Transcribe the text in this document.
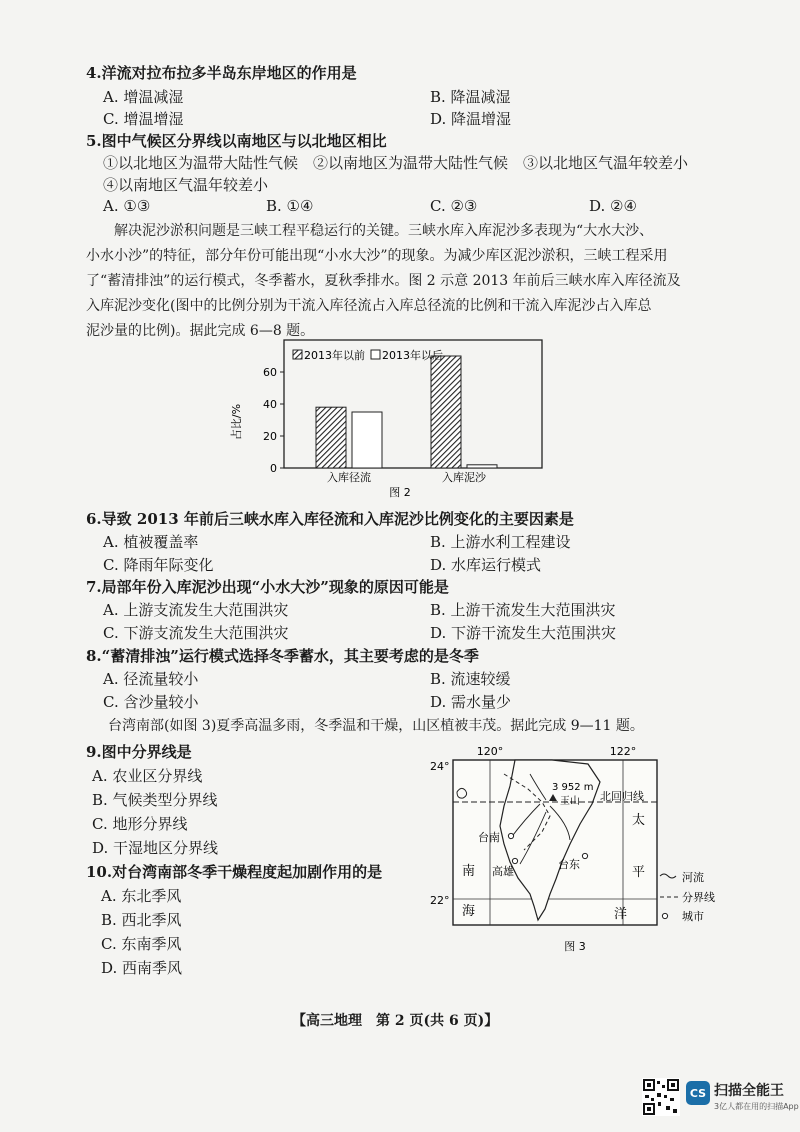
4.洋流对拉布拉多半岛东岸地区的作用是
A. 增温减湿	B. 降温减湿
C. 增温增湿	D. 降温增湿
5.图中气候区分界线以南地区与以北地区相比
①以北地区为温带大陆性气候　②以南地区为温带大陆性气候　③以北地区气温年较差小
④以南地区气温年较差小
A. ①③	B. ①④	C. ②③	D. ②④

　　解决泥沙淤积问题是三峡工程平稳运行的关键。三峡水库入库泥沙多表现为“大水大沙、

小水小沙”的特征，部分年份可能出现“小水大沙”的现象。为减少库区泥沙淤积，三峡工程采用

了“蓄清排浊”的运行模式，冬季蓄水，夏秋季排水。图 2 示意 2013 年前后三峡水库入库径流及

入库泥沙变化(图中的比例分别为干流入库径流占入库总径流的比例和干流入库泥沙占入库总

泥沙量的比例)。据此完成 6—8 题。

占比/%
0
20
40
60
入库径流	入库泥沙
2013年以前 2013年以后
图 2
6.导致 2013 年前后三峡水库入库径流和入库泥沙比例变化的主要因素是
A. 植被覆盖率	B. 上游水利工程建设
C. 降雨年际变化	D. 水库运行模式
7.局部年份入库泥沙出现“小水大沙”现象的原因可能是
A. 上游支流发生大范围洪灾	B. 上游干流发生大范围洪灾
C. 下游支流发生大范围洪灾	D. 下游干流发生大范围洪灾
8.“蓄清排浊”运行模式选择冬季蓄水，其主要考虑的是冬季
A. 径流量较小	B. 流速较缓
C. 含沙量较小	D. 需水量少
台湾南部(如图 3)夏季高温多雨，冬季温和干燥，山区植被丰茂。据此完成 9—11 题。
9.图中分界线是
A. 农业区分界线
B. 气候类型分界线
C. 地形分界线
D. 干湿地区分界线
10.对台湾南部冬季干燥程度起加剧作用的是
A. 东北季风
B. 西北季风
C. 东南季风
D. 西南季风
120°	122°
24°
22°
北回归线
3 952 m
玉山
台南
高雄
台东
南
海
太
平
洋
河流
分界线
城市
图 3
【高三地理　第 2 页(共 6 页)】
CS 扫描全能王
3亿人都在用的扫描App
